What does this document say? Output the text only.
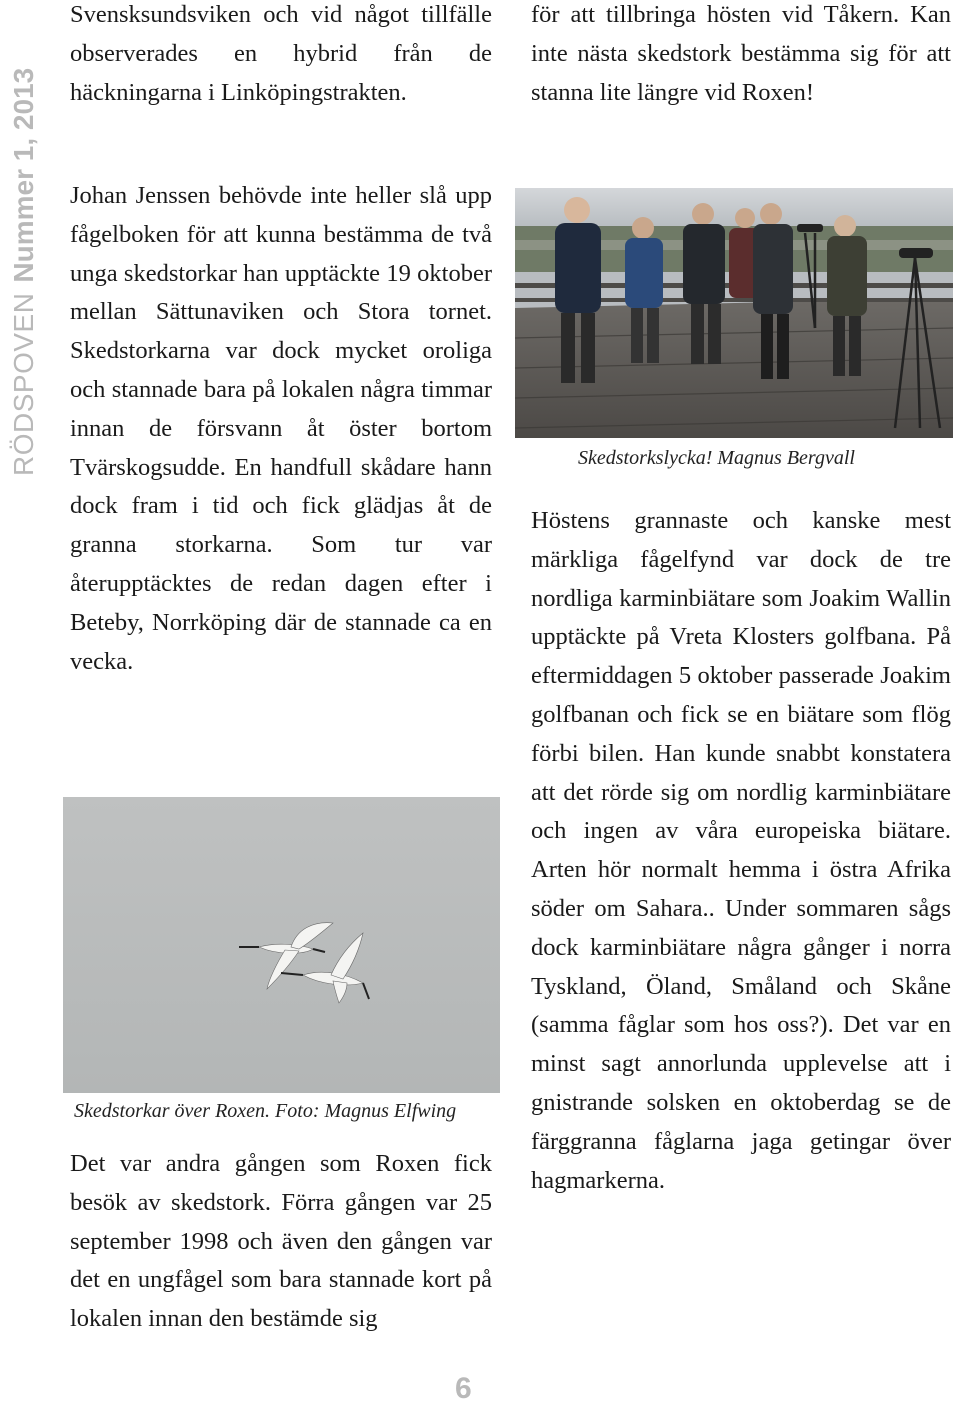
RÖDSPOVEN
Nummer 1, 2013

Svensksundsviken och vid något tillfälle observerades en hybrid från de häckningarna i Linköpingstrakten.

Johan Jenssen behövde inte heller slå upp fågelboken för att kunna bestämma de två unga skedstorkar han upptäckte 19 oktober mellan Sättunaviken och Stora tornet. Skedstorkarna var dock mycket oroliga och stannade bara på lokalen några timmar innan de försvann åt öster bortom Tvärskogsudde. En handfull skådare hann dock fram i tid och fick glädjas åt de granna storkarna. Som tur var återupptäcktes de redan dagen efter i Beteby, Norrköping där de stannade ca en vecka.

Skedstorkar över Roxen. Foto: Magnus Elfwing

Det var andra gången som Roxen fick besök av skedstork. Förra gången var 25 september 1998 och även den gången var det en ungfågel som bara stannade kort på lokalen innan den bestämde sig

för att tillbringa hösten vid Tåkern. Kan inte nästa skedstork bestämma sig för att stanna lite längre vid Roxen!

Skedstorkslycka! Magnus Bergvall

Höstens grannaste och kanske mest märkliga fågelfynd var dock de tre nordliga karminbiätare som Joakim Wallin upptäckte på Vreta Klosters golfbana. På eftermiddagen 5 oktober passerade Joakim golfbanan och fick se en biätare som flög förbi bilen. Han kunde snabbt konstatera att det rörde sig om nordlig karminbiätare och ingen av våra europeiska biätare. Arten hör normalt hemma i östra Afrika söder om Sahara.. Under sommaren sågs dock karminbiätare några gånger i norra Tyskland, Öland, Småland och Skåne (samma fåglar som hos oss?). Det var en minst sagt annorlunda upplevelse att i gnistrande solsken en oktoberdag se de färggranna fåglarna jaga getingar över hagmarkerna.

6
